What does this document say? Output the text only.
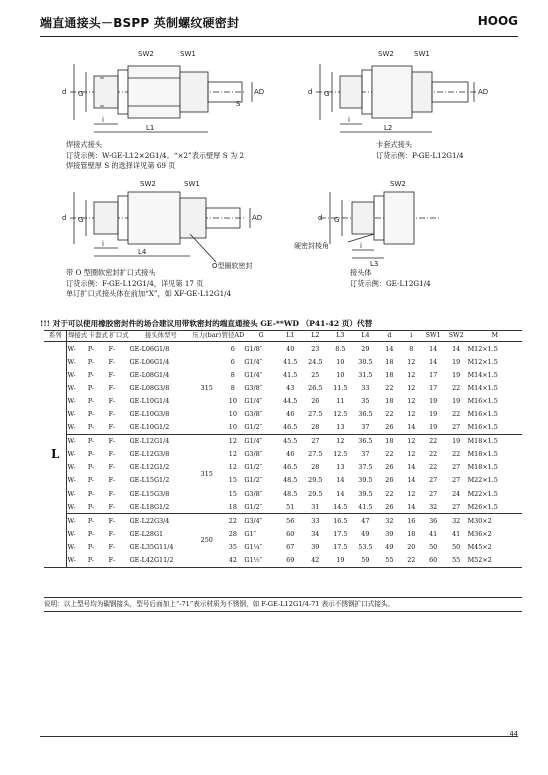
端直通接头－BSPP 英制螺纹硬密封	HOOG
SW2	SW1
d G
i
L1
AD
S
焊接式接头
订货示例：W-GE-L12×2G1/4。“×2”表示壁厚 S 为 2
焊接管壁厚 S 的选择详见第 69 页
SW2	SW1
d G
i
L2
AD
卡套式接头
订货示例：P-GE-L12G1/4
SW2	SW1
d G
i
L4
AD
O型圈软密封
带 O 型圈软密封扩口式接头
订货示例：F-GE-L12G1/4，详见第 17 页
单订扩口式接头体在前加“X”，如 XF-GE-L12G1/4
SW2
d G
i
L3
硬密封棱角
接头体
订货示例：GE-L12G1/4
!!! 对于可以使用橡胶密封件的场合建议用带软密封的端直通接头 GE-**WD （P41-42 页）代替
系列	焊接式	卡套式	扩口式	接头体型号	压力(bar)	管径AD	G	L1	L2	L3	L4	d	i	SW1	SW2	M
L	W-	P-	F-	GE-L06G1/8	315	6	G1/8″	40	23	8.5	29	14	8	14	14	M12×1.5
	W-	P-	F-	GE-L06G1/4		6	G1/4″	41.5	24.5	10	30.5	18	12	14	19	M12×1.5
	W-	P-	F-	GE-L08G1/4		8	G1/4″	41.5	25	10	31.5	18	12	17	19	M14×1.5
	W-	P-	F-	GE-L08G3/8		8	G3/8″	43	26.5	11.5	33	22	12	17	22	M14×1.5
	W-	P-	F-	GE-L10G1/4		10	G1/4″	44.5	26	11	35	18	12	19	19	M16×1.5
	W-	P-	F-	GE-L10G3/8		10	G3/8″	46	27.5	12.5	36.5	22	12	19	22	M16×1.5
	W-	P-	F-	GE-L10G1/2		10	G1/2″	46.5	28	13	37	26	14	19	27	M16×1.5
	W-	P-	F-	GE-L12G1/4	315	12	G1/4″	45.5	27	12	36.5	18	12	22	19	M18×1.5
	W-	P-	F-	GE-L12G3/8		12	G3/8″	46	27.5	12.5	37	22	12	22	22	M18×1.5
	W-	P-	F-	GE-L12G1/2		12	G1/2″	46.5	28	13	37.5	26	14	22	27	M18×1.5
	W-	P-	F-	GE-L15G1/2		15	G1/2″	48.5	29.5	14	39.5	26	14	27	27	M22×1.5
	W-	P-	F-	GE-L15G3/8		15	G3/8″	48.5	29.5	14	39.5	22	12	27	24	M22×1.5
	W-	P-	F-	GE-L18G1/2		18	G1/2″	51	31	14.5	41.5	26	14	32	27	M26×1.5
	W-	P-	F-	GE-L22G3/4	250	22	G3/4″	56	33	16.5	47	32	16	36	32	M30×2
	W-	P-	F-	GE-L28G1		28	G1″	60	34	17.5	49	39	18	41	41	M36×2
	W-	P-	F-	GE-L35G11/4		35	G1¼″	67	39	17.5	53.5	49	20	50	50	M45×2
	W-	P-	F-	GE-L42G11/2		42	G1½″	69	42	19	59	55	22	60	55	M52×2
说明：以上型号均为碳钢接头，型号后面加上“-71”表示材质为不锈钢，如 F-GE-L12G1/4-71 表示不锈钢扩口式接头。
44
